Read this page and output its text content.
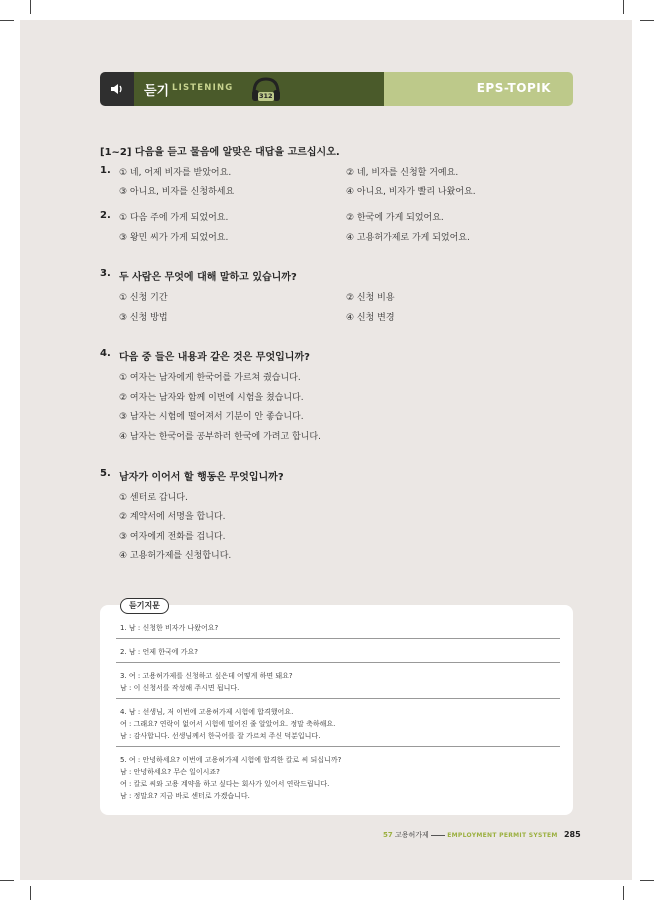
듣기 LISTENING
312
EPS-TOPIK
[1~2] 다음을 듣고 물음에 알맞은 대답을 고르십시오.
1. ① 네, 어제 비자를 받았어요.	② 네, 비자를 신청할 거예요.
③ 아니요, 비자를 신청하세요	④ 아니요, 비자가 빨리 나왔어요.
2. ① 다음 주에 가게 되었어요.	② 한국에 가게 되었어요.
③ 왕민 씨가 가게 되었어요.	④ 고용허가제로 가게 되었어요.
3. 두 사람은 무엇에 대해 말하고 있습니까?
① 신청 기간	② 신청 비용
③ 신청 방법	④ 신청 변경
4. 다음 중 들은 내용과 같은 것은 무엇입니까?
① 여자는 남자에게 한국어를 가르쳐 줬습니다.
② 여자는 남자와 함께 이번에 시험을 쳤습니다.
③ 남자는 시험에 떨어져서 기분이 안 좋습니다.
④ 남자는 한국어를 공부하러 한국에 가려고 합니다.
5. 남자가 이어서 할 행동은 무엇입니까?
① 센터로 갑니다.
② 계약서에 서명을 합니다.
③ 여자에게 전화를 겁니다.
④ 고용허가제를 신청합니다.
듣기지문
1. 남 : 신청한 비자가 나왔어요?
2. 남 : 언제 한국에 가요?
3. 여 : 고용허가제를 신청하고 싶은데 어떻게 하면 돼요?
남 : 이 신청서를 작성해 주시면 됩니다.
4. 남 : 선생님, 저 이번에 고용허가제 시험에 합격했어요.
여 : 그래요? 연락이 없어서 시험에 떨어진 줄 알았어요. 정말 축하해요.
남 : 감사합니다. 선생님께서 한국어를 잘 가르쳐 주신 덕분입니다.
5. 여 : 안녕하세요? 이번에 고용허가제 시험에 합격한 칼로 씨 되십니까?
남 : 안녕하세요? 무슨 일이시죠?
여 : 칼로 씨와 고용 계약을 하고 싶다는 회사가 있어서 연락드립니다.
남 : 정말요? 지금 바로 센터로 가겠습니다.
57 고용허가제	EMPLOYMENT PERMIT SYSTEM 285
